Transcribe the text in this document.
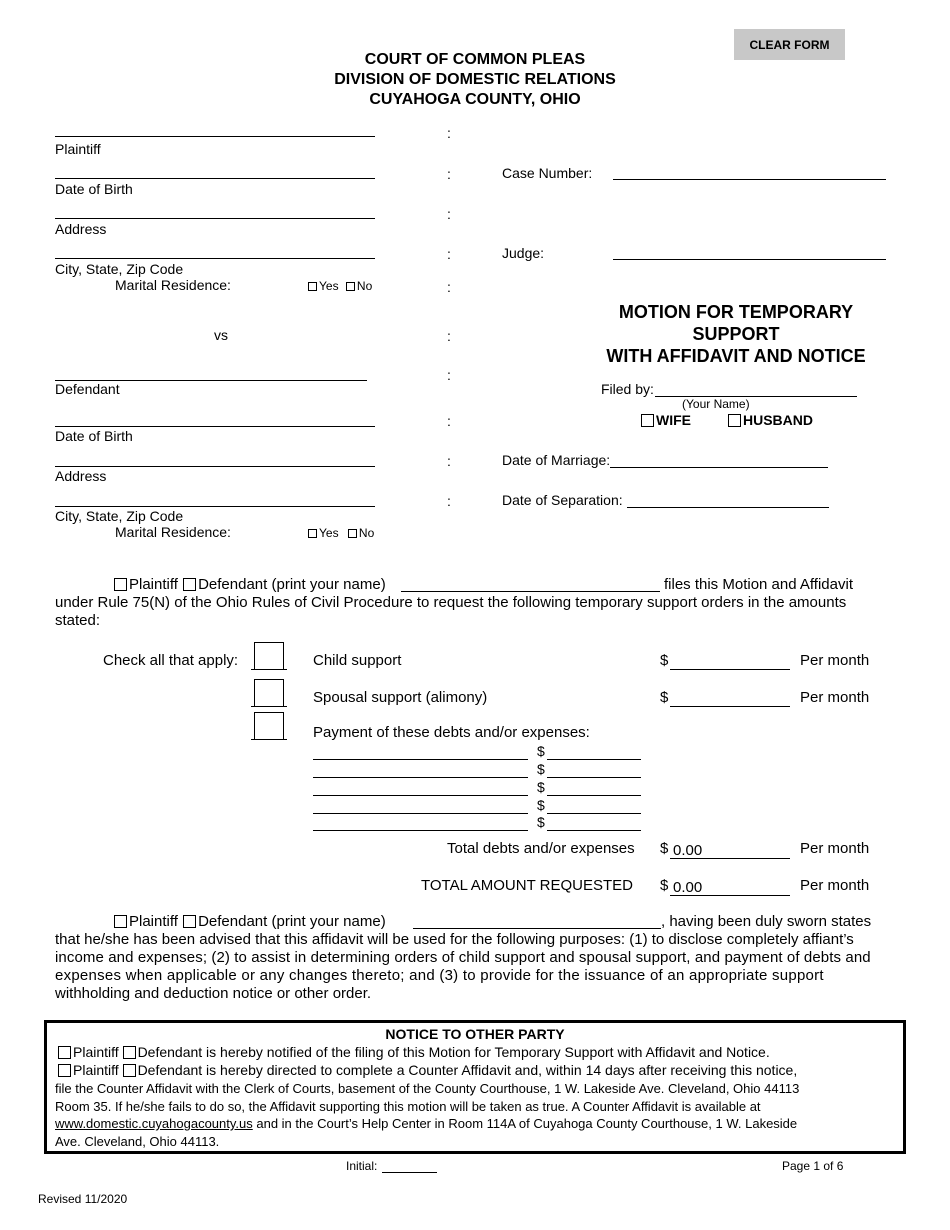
CLEAR FORM
COURT OF COMMON PLEAS
DIVISION OF DOMESTIC RELATIONS
CUYAHOGA COUNTY, OHIO
Plaintiff
Date of Birth
Address
City, State, Zip Code
Marital Residence:	Yes No
vs
Defendant
Date of Birth
Address
City, State, Zip Code
Marital Residence:	Yes No
:
:
:
:
:
:
:
:
:
:
Case Number:
Judge:
MOTION FOR TEMPORARY
SUPPORT
WITH AFFIDAVIT AND NOTICE
Filed by:
(Your Name)
WIFE	HUSBAND
Date of Marriage:
Date of Separation:
Plaintiff Defendant (print your name)	files this Motion and Affidavit
under Rule 75(N) of the Ohio Rules of Civil Procedure to request the following temporary support orders in the amounts
stated:
Check all that apply:	Child support	$	Per month
Spousal support (alimony)	$	Per month
Payment of these debts and/or expenses:
$
$
$
$
$
Total debts and/or expenses $ 0.00	Per month
TOTAL AMOUNT REQUESTED $ 0.00	Per month
Plaintiff Defendant (print your name)	, having been duly sworn states
that he/she has been advised that this affidavit will be used for the following purposes: (1) to disclose completely affiant’s
income and expenses; (2) to assist in determining orders of child support and spousal support, and payment of debts and
expenses when applicable or any changes thereto; and (3) to provide for the issuance of an appropriate support
withholding and deduction notice or other order.
NOTICE TO OTHER PARTY
Plaintiff Defendant is hereby notified of the filing of this Motion for Temporary Support with Affidavit and Notice.
Plaintiff Defendant is hereby directed to complete a Counter Affidavit and, within 14 days after receiving this notice,
file the Counter Affidavit with the Clerk of Courts, basement of the County Courthouse, 1 W. Lakeside Ave. Cleveland, Ohio 44113
Room 35. If he/she fails to do so, the Affidavit supporting this motion will be taken as true. A Counter Affidavit is available at
www.domestic.cuyahogacounty.us and in the Court’s Help Center in Room 114A of Cuyahoga County Courthouse, 1 W. Lakeside
Ave. Cleveland, Ohio 44113.
Initial:	Page 1 of 6
Revised 11/2020
